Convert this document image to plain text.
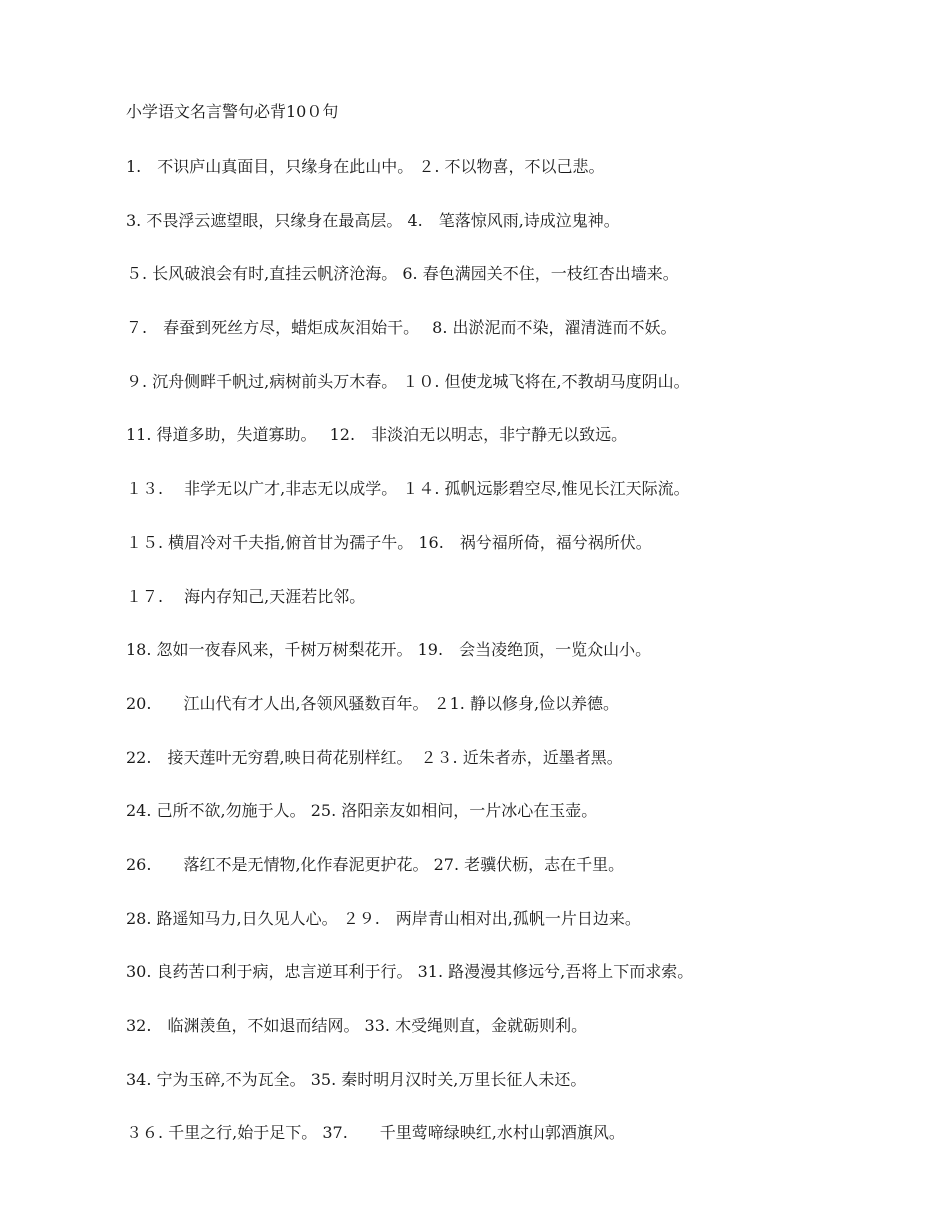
小学语文名言警句必背10０句
1.　不识庐山真面目，只缘身在此山中。 ２. 不以物喜，不以己悲。
3. 不畏浮云遮望眼，只缘身在最高层。 4.　笔落惊风雨,诗成泣鬼神。
５. 长风破浪会有时,直挂云帆济沧海。 6. 春色满园关不住，一枝红杏出墙来。
７.　春蚕到死丝方尽，蜡炬成灰泪始干。　 8. 出淤泥而不染，濯清涟而不妖。
９. 沉舟侧畔千帆过,病树前头万木春。 １０. 但使龙城飞将在,不教胡马度阴山。
11. 得道多助，失道寡助。　 12.　非淡泊无以明志，非宁静无以致远。
１３.　 非学无以广才,非志无以成学。 １４. 孤帆远影碧空尽,惟见长江天际流。
１５. 横眉冷对千夫指,俯首甘为孺子牛。 16.　祸兮福所倚，福兮祸所伏。
１７.　 海内存知己,天涯若比邻。
18. 忽如一夜春风来，千树万树梨花开。 19.　会当凌绝顶，一览众山小。
20.　　江山代有才人出,各领风骚数百年。 ２1. 静以修身,俭以养德。
22.　接天莲叶无穷碧,映日荷花别样红。　２３. 近朱者赤，近墨者黑。
24. 己所不欲,勿施于人。 25. 洛阳亲友如相问，一片冰心在玉壶。
26.　　落红不是无情物,化作春泥更护花。 27. 老骥伏枥，志在千里。
28. 路遥知马力,日久见人心。 ２９.　两岸青山相对出,孤帆一片日边来。
30. 良药苦口利于病，忠言逆耳利于行。 31. 路漫漫其修远兮,吾将上下而求索。
32.　临渊羡鱼，不如退而结网。 33. 木受绳则直，金就砺则利。
34. 宁为玉碎,不为瓦全。 35. 秦时明月汉时关,万里长征人未还。
３６. 千里之行,始于足下。 37.　　千里莺啼绿映红,水村山郭酒旗风。
